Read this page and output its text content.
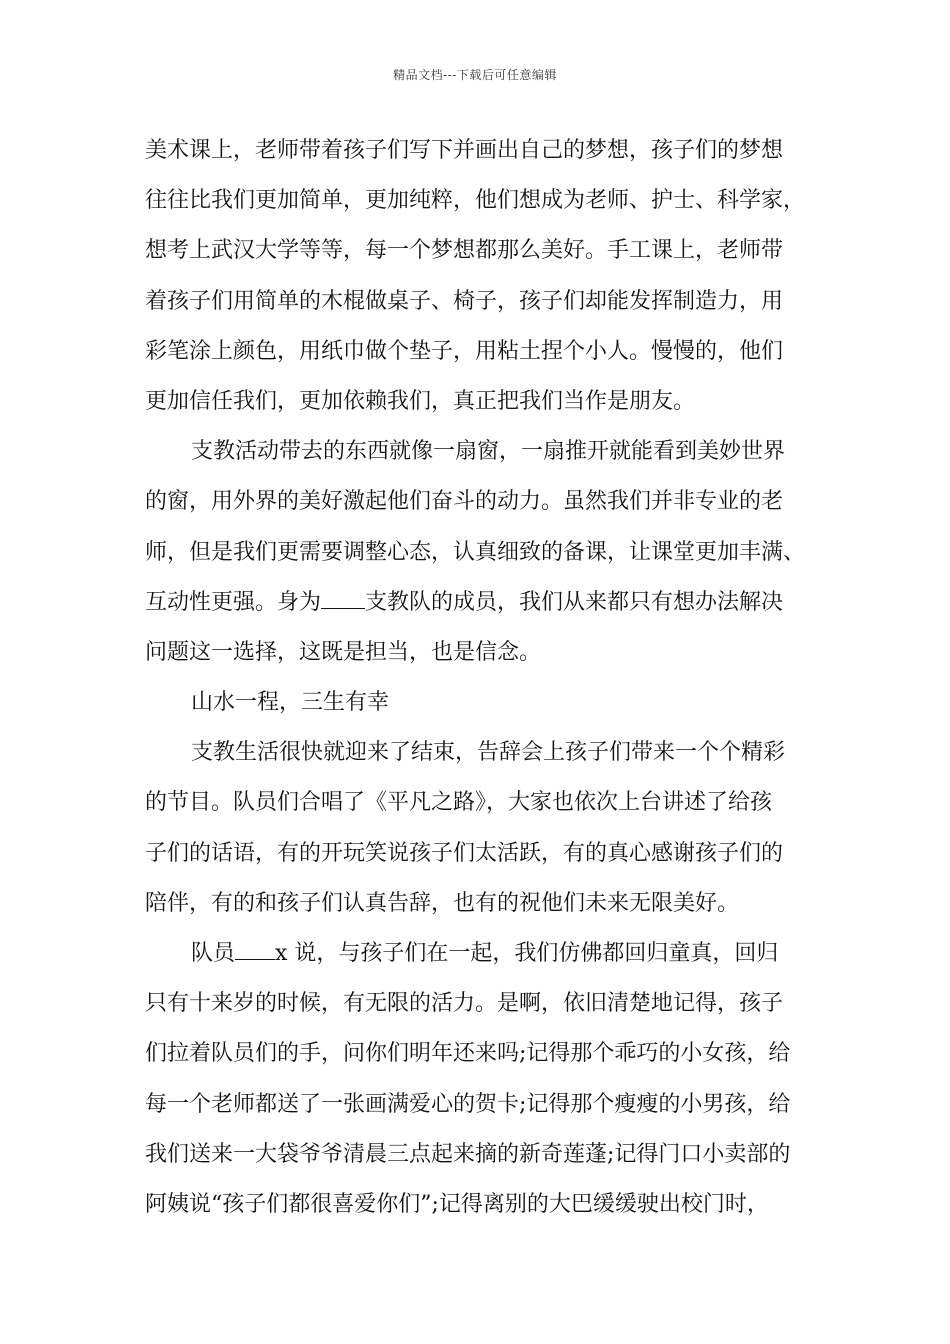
精品文档---下载后可任意编辑
美术课上，老师带着孩子们写下并画出自己的梦想，孩子们的梦想
往往比我们更加简单，更加纯粹，他们想成为老师、护士、科学家，
想考上武汉大学等等，每一个梦想都那么美好。手工课上，老师带
着孩子们用简单的木棍做桌子、椅子，孩子们却能发挥制造力，用
彩笔涂上颜色，用纸巾做个垫子，用粘土捏个小人。慢慢的，他们
更加信任我们，更加依赖我们，真正把我们当作是朋友。
支教活动带去的东西就像一扇窗，一扇推开就能看到美妙世界
的窗，用外界的美好激起他们奋斗的动力。虽然我们并非专业的老
师，但是我们更需要调整心态，认真细致的备课，让课堂更加丰满、
互动性更强。身为 支教队的成员，我们从来都只有想办法解决
问题这一选择，这既是担当，也是信念。
山水一程，三生有幸
支教生活很快就迎来了结束，告辞会上孩子们带来一个个精彩
的节目。队员们合唱了《平凡之路》，大家也依次上台讲述了给孩
子们的话语，有的开玩笑说孩子们太活跃，有的真心感谢孩子们的
陪伴，有的和孩子们认真告辞，也有的祝他们未来无限美好。
队员 x 说，与孩子们在一起，我们仿佛都回归童真，回归
只有十来岁的时候，有无限的活力。是啊，依旧清楚地记得，孩子
们拉着队员们的手，问你们明年还来吗;记得那个乖巧的小女孩，给
每一个老师都送了一张画满爱心的贺卡;记得那个瘦瘦的小男孩，给
我们送来一大袋爷爷清晨三点起来摘的新奇莲蓬;记得门口小卖部的
阿姨说“孩子们都很喜爱你们”;记得离别的大巴缓缓驶出校门时，
